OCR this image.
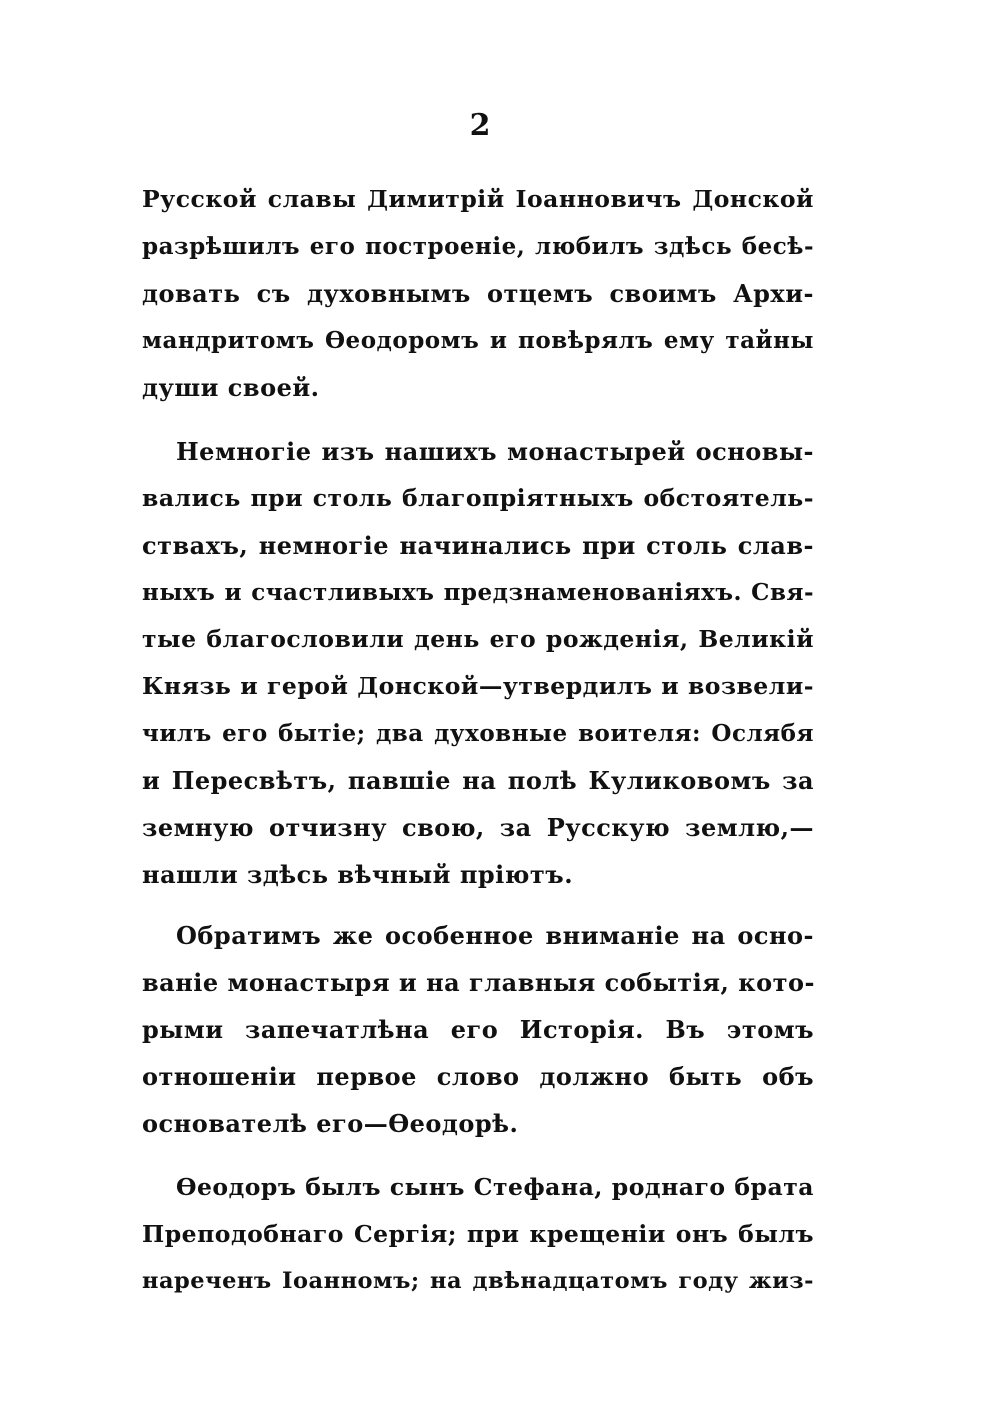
2
Русской славы Димитрій Іоанновичъ Донской
разрѣшилъ его построеніе, любилъ здѣсь бесѣ-
довать съ духовнымъ отцемъ своимъ Архи-
мандритомъ Ѳеодоромъ и повѣрялъ ему тайны
души своей.
Немногіе изъ нашихъ монастырей основы-
вались при столь благопріятныхъ обстоятель-
ствахъ, немногіе начинались при столь слав-
ныхъ и счастливыхъ предзнаменованіяхъ. Свя-
тые благословили день его рожденія, Великій
Князь и герой Донской—утвердилъ и возвели-
чилъ его бытіе; два духовные воителя: Ослябя
и Пересвѣтъ, павшіе на полѣ Куликовомъ за
земную отчизну свою, за Русскую землю,—
нашли здѣсь вѣчный пріютъ.
Обратимъ же особенное вниманіе на осно-
ваніе монастыря и на главныя событія, кото-
рыми запечатлѣна его Исторія. Въ этомъ
отношеніи первое слово должно быть объ
основателѣ его—Ѳеодорѣ.
Ѳеодоръ былъ сынъ Стефана, роднаго брата
Преподобнаго Сергія; при крещеніи онъ былъ
нареченъ Іоанномъ; на двѣнадцатомъ году жиз-
